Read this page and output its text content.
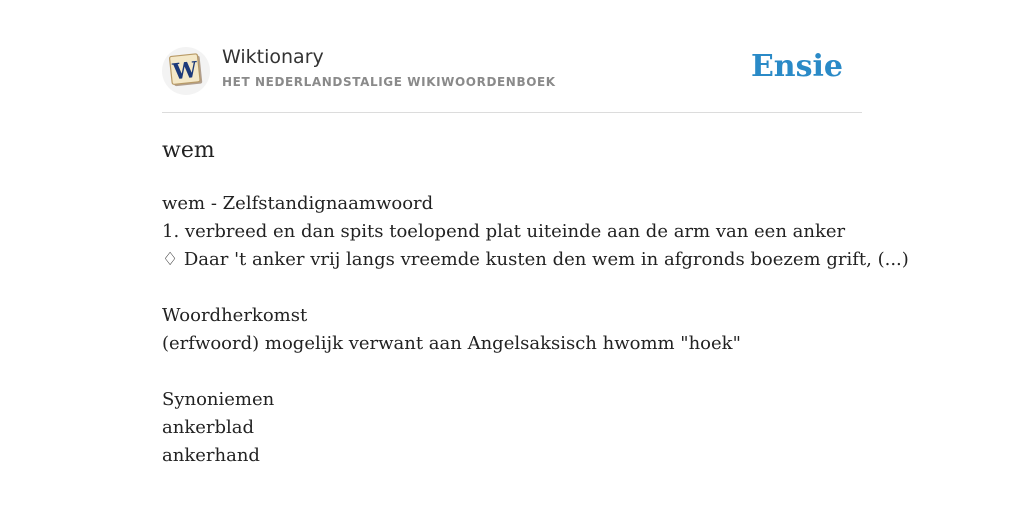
W Wiktionary
HET NEDERLANDSTALIGE WIKIWOORDENBOEK	Ensie
wem
wem - Zelfstandignaamwoord
1. verbreed en dan spits toelopend plat uiteinde aan de arm van een anker
♢ Daar 't anker vrij langs vreemde kusten den wem in afgronds boezem grift, (...)
Woordherkomst
(erfwoord) mogelijk verwant aan Angelsaksisch hwomm "hoek"
Synoniemen
ankerblad
ankerhand
